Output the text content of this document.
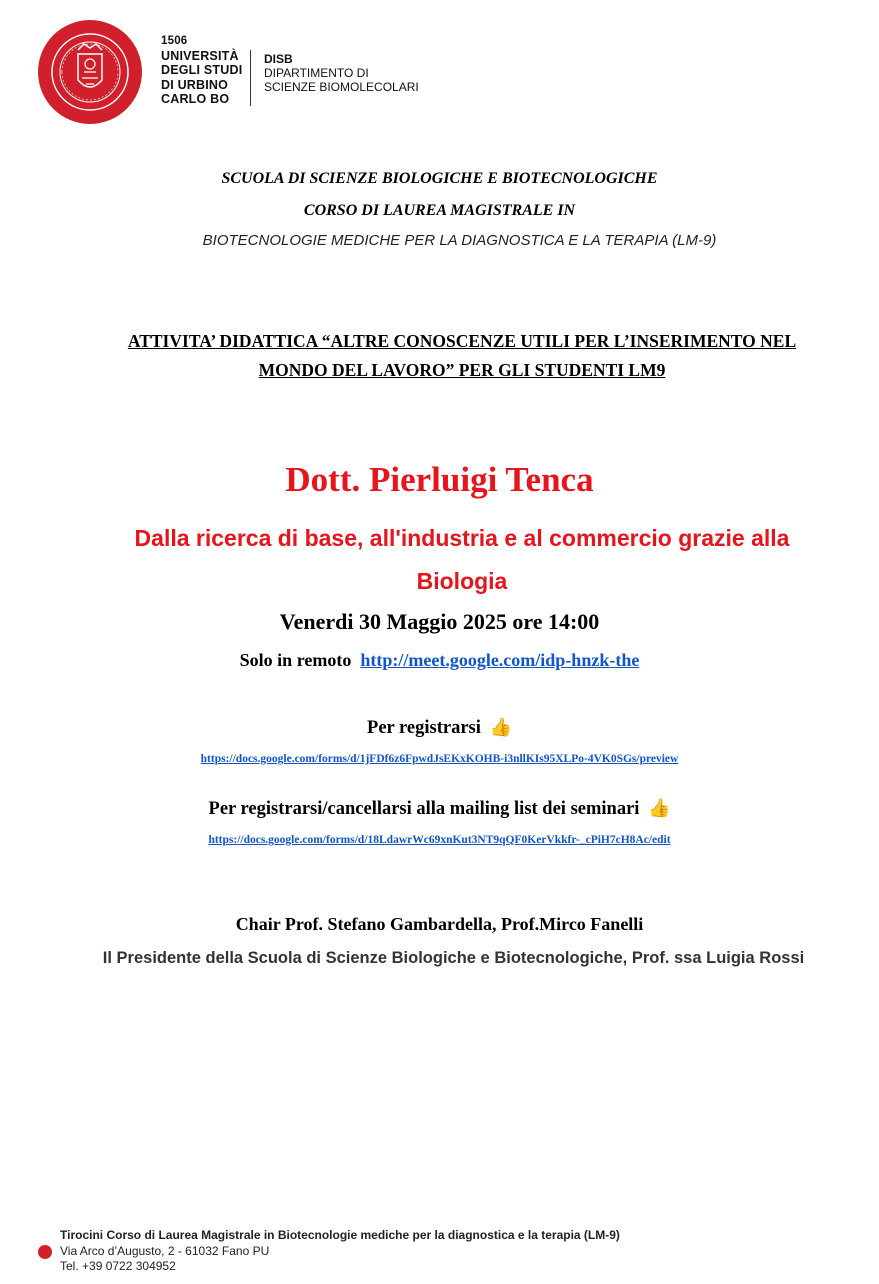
1506
UNIVERSITÀ
DEGLI STUDI
DI URBINO
CARLO BO
DISB
DIPARTIMENTO DI
SCIENZE BIOMOLECOLARI
SCUOLA DI SCIENZE BIOLOGICHE E BIOTECNOLOGICHE
CORSO DI LAUREA MAGISTRALE IN
BIOTECNOLOGIE MEDICHE PER LA DIAGNOSTICA E LA TERAPIA (LM-9)
ATTIVITA’ DIDATTICA “ALTRE CONOSCENZE UTILI PER L’INSERIMENTO NEL
MONDO DEL LAVORO” PER GLI STUDENTI LM9
Dott. Pierluigi Tenca
Dalla ricerca di base, all'industria e al commercio grazie alla
Biologia
Venerdi 30 Maggio 2025 ore 14:00
Solo in remoto http://meet.google.com/idp-hnzk-the
Per registrarsi 👍
https://docs.google.com/forms/d/1jFDf6z6FpwdJsEKxKOHB-i3nllKIs95XLPo-4VK0SGs/preview
Per registrarsi/cancellarsi alla mailing list dei seminari 👍
https://docs.google.com/forms/d/18LdawrWc69xnKut3NT9qQF0KerVkkfr-_cPiH7cH8Ac/edit
Chair Prof. Stefano Gambardella, Prof.Mirco Fanelli
Il Presidente della Scuola di Scienze Biologiche e Biotecnologiche, Prof. ssa Luigia Rossi
Tirocini Corso di Laurea Magistrale in Biotecnologie mediche per la diagnostica e la terapia (LM-9)
Via Arco d’Augusto, 2 - 61032 Fano PU
Tel. +39 0722 304952
